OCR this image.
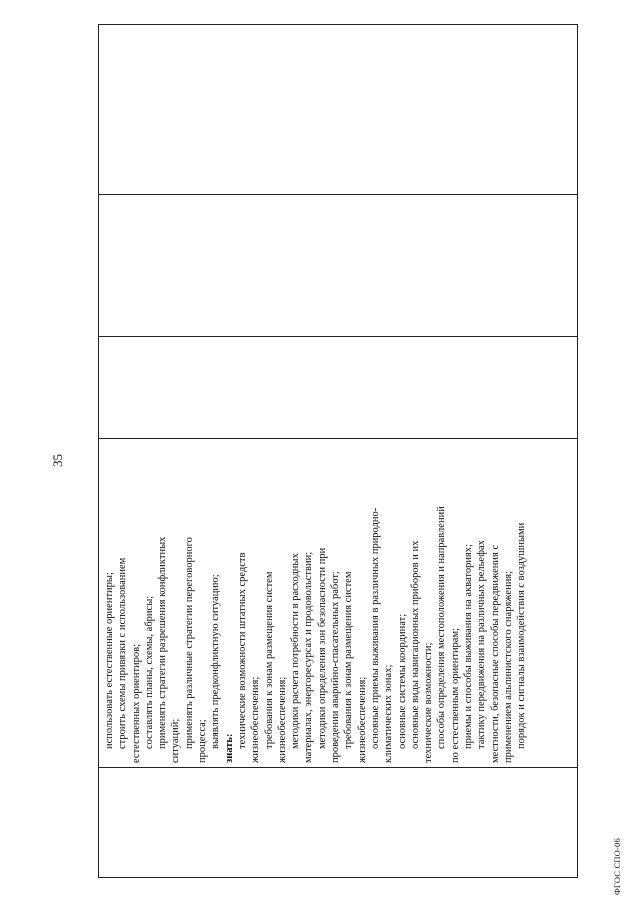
35

использовать естественные ориентиры; строить схемы привязки с использованием естественных ориентиров; составлять планы, схемы, абрисы; применять стратегии разрешения конфликтных ситуаций; применять различные стратегии переговорного процесса; выявлять предконфликтную ситуацию; знать: технические возможности штатных средств жизнеобеспечения; требования к зонам размещения систем жизнеобеспечения; методики расчета потребности в расходных материалах, энергоресурсах и продовольствии; методики определения зон безопасности при проведении аварийно-спасательных работ; требования к зонам размещения систем жизнеобеспечения; основные приемы выживания в различных природно- климатических зонах; основные системы координат; основные виды навигационных приборов и их технические возможности; способы определения местоположения и направлений по естественным ориентирам; приемы и способы выживания на акваториях; тактику передвижения на различных рельефах местности, безопасные способы передвижения с применением альпинистского снаряжения; порядок и сигналы взаимодействия с воздушными

ФГОС СПО-06
